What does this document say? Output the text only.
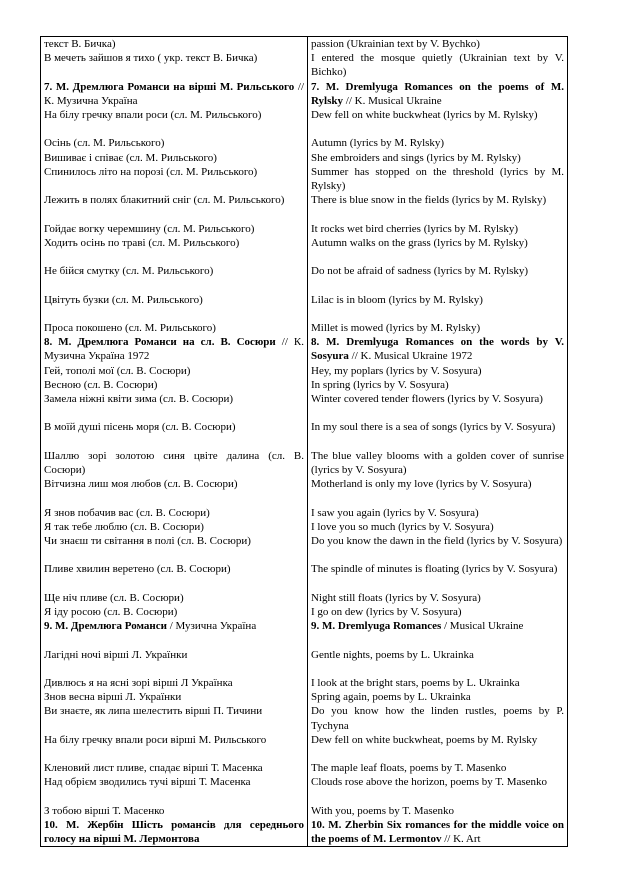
текст В. Бичка)	passion (Ukrainian text by V. Bychko)
В мечеть зайшов я тихо ( укр. текст В. Бичка)	I entered the mosque quietly (Ukrainian text by V. Bichko)
7. М. Дремлюга Романси на вірші М. Рильського // К. Музична Україна	7. M. Dremlyuga Romances on the poems of M. Rylsky // K. Musical Ukraine
На білу гречку впали роси (сл. М. Рильського)	Dew fell on white buckwheat (lyrics by M. Rylsky)
Осінь (сл. М. Рильського)	Autumn (lyrics by M. Rylsky)
Вишиває і співає (сл. М. Рильського)	She embroiders and sings (lyrics by M. Rylsky)
Спинилось літо на порозі (сл. М. Рильського)	Summer has stopped on the threshold (lyrics by M. Rylsky)
Лежить в полях блакитний сніг (сл. М. Рильського)	There is blue snow in the fields (lyrics by M. Rylsky)
Гойдає вогку черемшину (сл. М. Рильського)	It rocks wet bird cherries (lyrics by M. Rylsky)
Ходить осінь по траві (сл. М. Рильського)	Autumn walks on the grass (lyrics by M. Rylsky)
Не бійся смутку (сл. М. Рильського)	Do not be afraid of sadness (lyrics by M. Rylsky)
Цвітуть бузки (сл. М. Рильського)	Lilac is in bloom (lyrics by M. Rylsky)
Проса покошено (сл. М. Рильського)	Millet is mowed (lyrics by M. Rylsky)
8. М. Дремлюга Романси на сл. В. Сосюри // К. Музична Україна 1972	8. M. Dremlyuga Romances on the words by V. Sosyura // K. Musical Ukraine 1972
Гей, тополі мої (сл. В. Сосюри)	Hey, my poplars (lyrics by V. Sosyura)
Весною (сл. В. Сосюри)	In spring (lyrics by V. Sosyura)
Замела ніжні квіти зима (сл. В. Сосюри)	Winter covered tender flowers (lyrics by V. Sosyura)
В моїй душі пісень моря (сл. В. Сосюри)	In my soul there is a sea of songs (lyrics by V. Sosyura)
Шаллю зорі золотою синя цвіте далина (сл. В. Сосюри)	The blue valley blooms with a golden cover of sunrise (lyrics by V. Sosyura)
Вітчизна лиш моя любов (сл. В. Сосюри)	Motherland is only my love (lyrics by V. Sosyura)
Я знов побачив вас (сл. В. Сосюри)	I saw you again (lyrics by V. Sosyura)
Я так тебе люблю (сл. В. Сосюри)	I love you so much (lyrics by V. Sosyura)
Чи знаєш ти світання в полі (сл. В. Сосюри)	Do you know the dawn in the field (lyrics by V. Sosyura)
Пливе хвилин веретено (сл. В. Сосюри)	The spindle of minutes is floating (lyrics by V. Sosyura)
Ще ніч пливе (сл. В. Сосюри)	Night still floats (lyrics by V. Sosyura)
Я іду росою (сл. В. Сосюри)	I go on dew (lyrics by V. Sosyura)
9. М. Дремлюга Романси / Музична Україна	9. M. Dremlyuga Romances / Musical Ukraine
Лагідні ночі вірші Л. Українки	Gentle nights, poems by L. Ukrainka
Дивлюсь я на ясні зорі вірші Л Українка	I look at the bright stars, poems by L. Ukrainka
Знов весна вірші Л. Українки	Spring again, poems by L. Ukrainka
Ви знаєте, як липа шелестить вірші П. Тичини	Do you know how the linden rustles, poems by P. Tychyna
На білу гречку впали роси вірші М. Рильського	Dew fell on white buckwheat, poems by M. Rylsky
Кленовий лист пливе, спадає вірші Т. Масенка	The maple leaf floats, poems by T. Masenko
Над обрієм зводились тучі вірші Т. Масенка	Clouds rose above the horizon, poems by T. Masenko
З тобою вірші Т. Масенко	With you, poems by T. Masenko
10. М. Жербін Шість романсів для середнього голосу на вірші М. Лермонтова	10. M. Zherbin Six romances for the middle voice on the poems of M. Lermontov // K. Art
